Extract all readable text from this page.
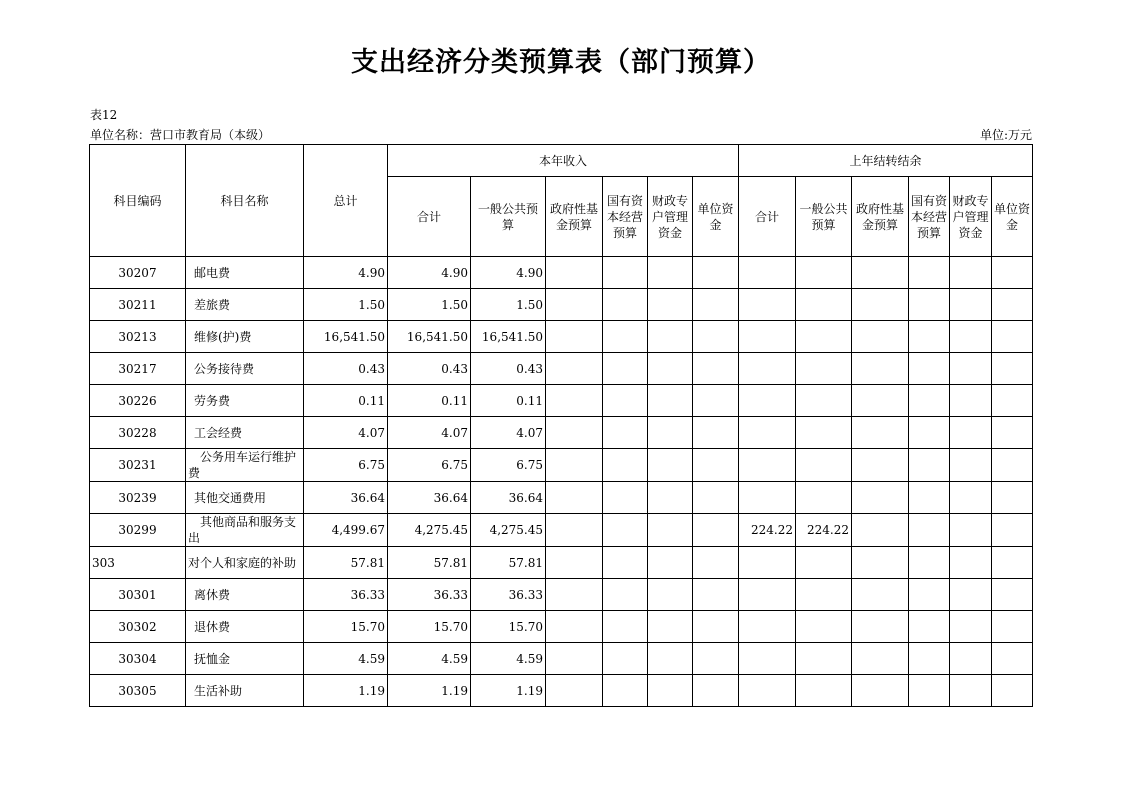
支出经济分类预算表（部门预算）
表12
单位名称：营口市教育局（本级）	单位:万元
科目编码	科目名称	总计	本年收入						上年结转结余					
			合计	一般公共预算	政府性基金预算	国有资本经营预算	财政专户管理资金	单位资金	合计	一般公共预算	政府性基金预算	国有资本经营预算	财政专户管理资金	单位资金
30207	邮电费	4.90	4.90	4.90										
30211	差旅费	1.50	1.50	1.50										
30213	维修(护)费	16,541.50	16,541.50	16,541.50										
30217	公务接待费	0.43	0.43	0.43										
30226	劳务费	0.11	0.11	0.11										
30228	工会经费	4.07	4.07	4.07										
30231	公务用车运行维护费	6.75	6.75	6.75										
30239	其他交通费用	36.64	36.64	36.64										
30299	其他商品和服务支出	4,499.67	4,275.45	4,275.45					224.22	224.22				
303	对个人和家庭的补助	57.81	57.81	57.81										
30301	离休费	36.33	36.33	36.33										
30302	退休费	15.70	15.70	15.70										
30304	抚恤金	4.59	4.59	4.59										
30305	生活补助	1.19	1.19	1.19										
